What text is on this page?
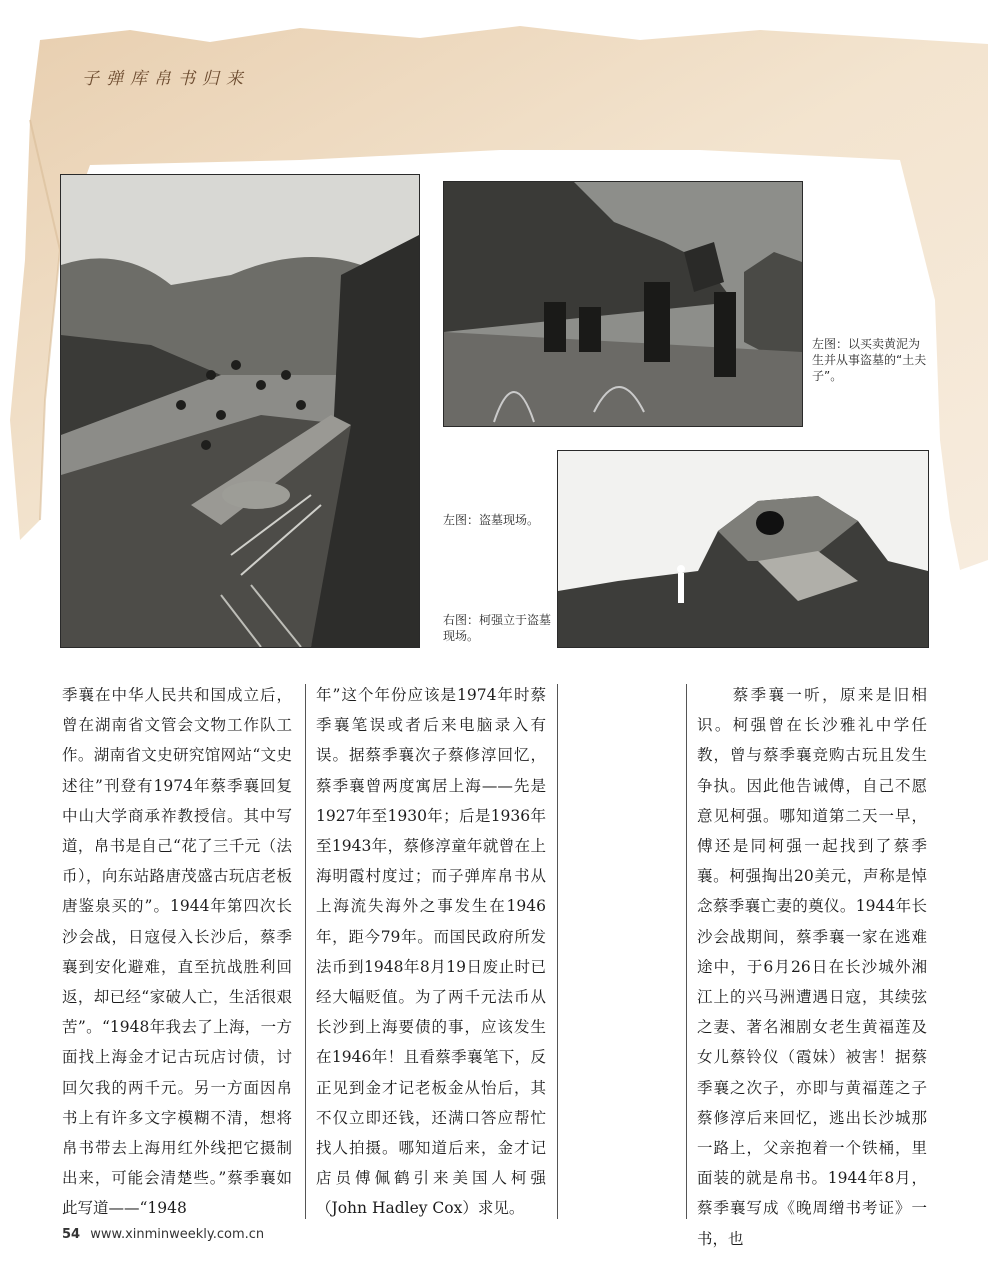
子弹库帛书归来
左图：以买卖黄泥为生并从事盗墓的“土夫子”。
左图：盗墓现场。
右图：柯强立于盗墓现场。

季襄在中华人民共和国成立后，曾在湖南省文管会文物工作队工作。湖南省文史研究馆网站“文史述往”刊登有1974年蔡季襄回复中山大学商承祚教授信。其中写道，帛书是自己“花了三千元（法币），向东站路唐茂盛古玩店老板唐鉴泉买的”。1944年第四次长沙会战，日寇侵入长沙后，蔡季襄到安化避难，直至抗战胜利回返，却已经“家破人亡，生活很艰苦”。“1948年我去了上海，一方面找上海金才记古玩店讨债，讨回欠我的两千元。另一方面因帛书上有许多文字模糊不清，想将帛书带去上海用红外线把它摄制出来，可能会清楚些。”蔡季襄如此写道——“1948

年”这个年份应该是1974年时蔡季襄笔误或者后来电脑录入有误。据蔡季襄次子蔡修淳回忆，蔡季襄曾两度寓居上海——先是1927年至1930年；后是1936年至1943年，蔡修淳童年就曾在上海明霞村度过；而子弹库帛书从上海流失海外之事发生在1946年，距今79年。而国民政府所发法币到1948年8月19日废止时已经大幅贬值。为了两千元法币从长沙到上海要债的事，应该发生在1946年！且看蔡季襄笔下，反正见到金才记老板金从怡后，其不仅立即还钱，还满口答应帮忙找人拍摄。哪知道后来，金才记店员傅佩鹤引来美国人柯强（John Hadley Cox）求见。

　　蔡季襄一听，原来是旧相识。柯强曾在长沙雅礼中学任教，曾与蔡季襄竞购古玩且发生争执。因此他告诫傅，自己不愿意见柯强。哪知道第二天一早，傅还是同柯强一起找到了蔡季襄。柯强掏出20美元，声称是悼念蔡季襄亡妻的奠仪。1944年长沙会战期间，蔡季襄一家在逃难途中，于6月26日在长沙城外湘江上的兴马洲遭遇日寇，其续弦之妻、著名湘剧女老生黄福莲及女儿蔡铃仪（霞妹）被害！据蔡季襄之次子，亦即与黄福莲之子蔡修淳后来回忆，逃出长沙城那一路上，父亲抱着一个铁桶，里面装的就是帛书。1944年8月，蔡季襄写成《晚周缯书考证》一书，也

54 www.xinminweekly.com.cn
